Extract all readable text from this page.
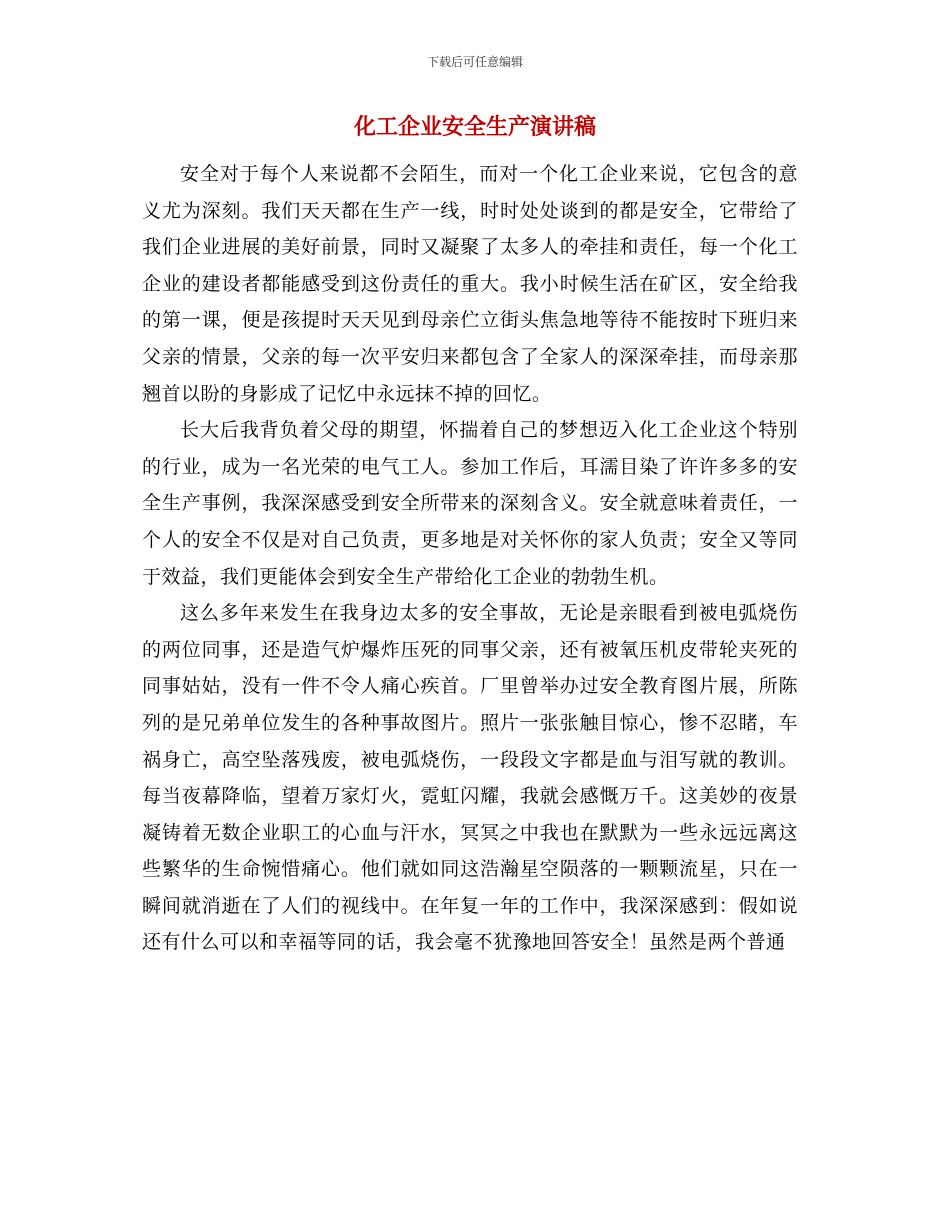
下载后可任意编辑
化工企业安全生产演讲稿

安全对于每个人来说都不会陌生，而对一个化工企业来说，它包含的意义尤为深刻。我们天天都在生产一线，时时处处谈到的都是安全，它带给了我们企业进展的美好前景，同时又凝聚了太多人的牵挂和责任，每一个化工企业的建设者都能感受到这份责任的重大。我小时候生活在矿区，安全给我的第一课，便是孩提时天天见到母亲伫立街头焦急地等待不能按时下班归来父亲的情景，父亲的每一次平安归来都包含了全家人的深深牵挂，而母亲那翘首以盼的身影成了记忆中永远抹不掉的回忆。

长大后我背负着父母的期望，怀揣着自己的梦想迈入化工企业这个特别的行业，成为一名光荣的电气工人。参加工作后，耳濡目染了许许多多的安全生产事例，我深深感受到安全所带来的深刻含义。安全就意味着责任，一个人的安全不仅是对自己负责，更多地是对关怀你的家人负责；安全又等同于效益，我们更能体会到安全生产带给化工企业的勃勃生机。

这么多年来发生在我身边太多的安全事故，无论是亲眼看到被电弧烧伤的两位同事，还是造气炉爆炸压死的同事父亲，还有被氧压机皮带轮夹死的同事姑姑，没有一件不令人痛心疾首。厂里曾举办过安全教育图片展，所陈列的是兄弟单位发生的各种事故图片。照片一张张触目惊心，惨不忍睹，车祸身亡，高空坠落残废，被电弧烧伤，一段段文字都是血与泪写就的教训。每当夜幕降临，望着万家灯火，霓虹闪耀，我就会感慨万千。这美妙的夜景凝铸着无数企业职工的心血与汗水，冥冥之中我也在默默为一些永远远离这些繁华的生命惋惜痛心。他们就如同这浩瀚星空陨落的一颗颗流星，只在一瞬间就消逝在了人们的视线中。在年复一年的工作中，我深深感到：假如说还有什么可以和幸福等同的话，我会毫不犹豫地回答安全！虽然是两个普通
